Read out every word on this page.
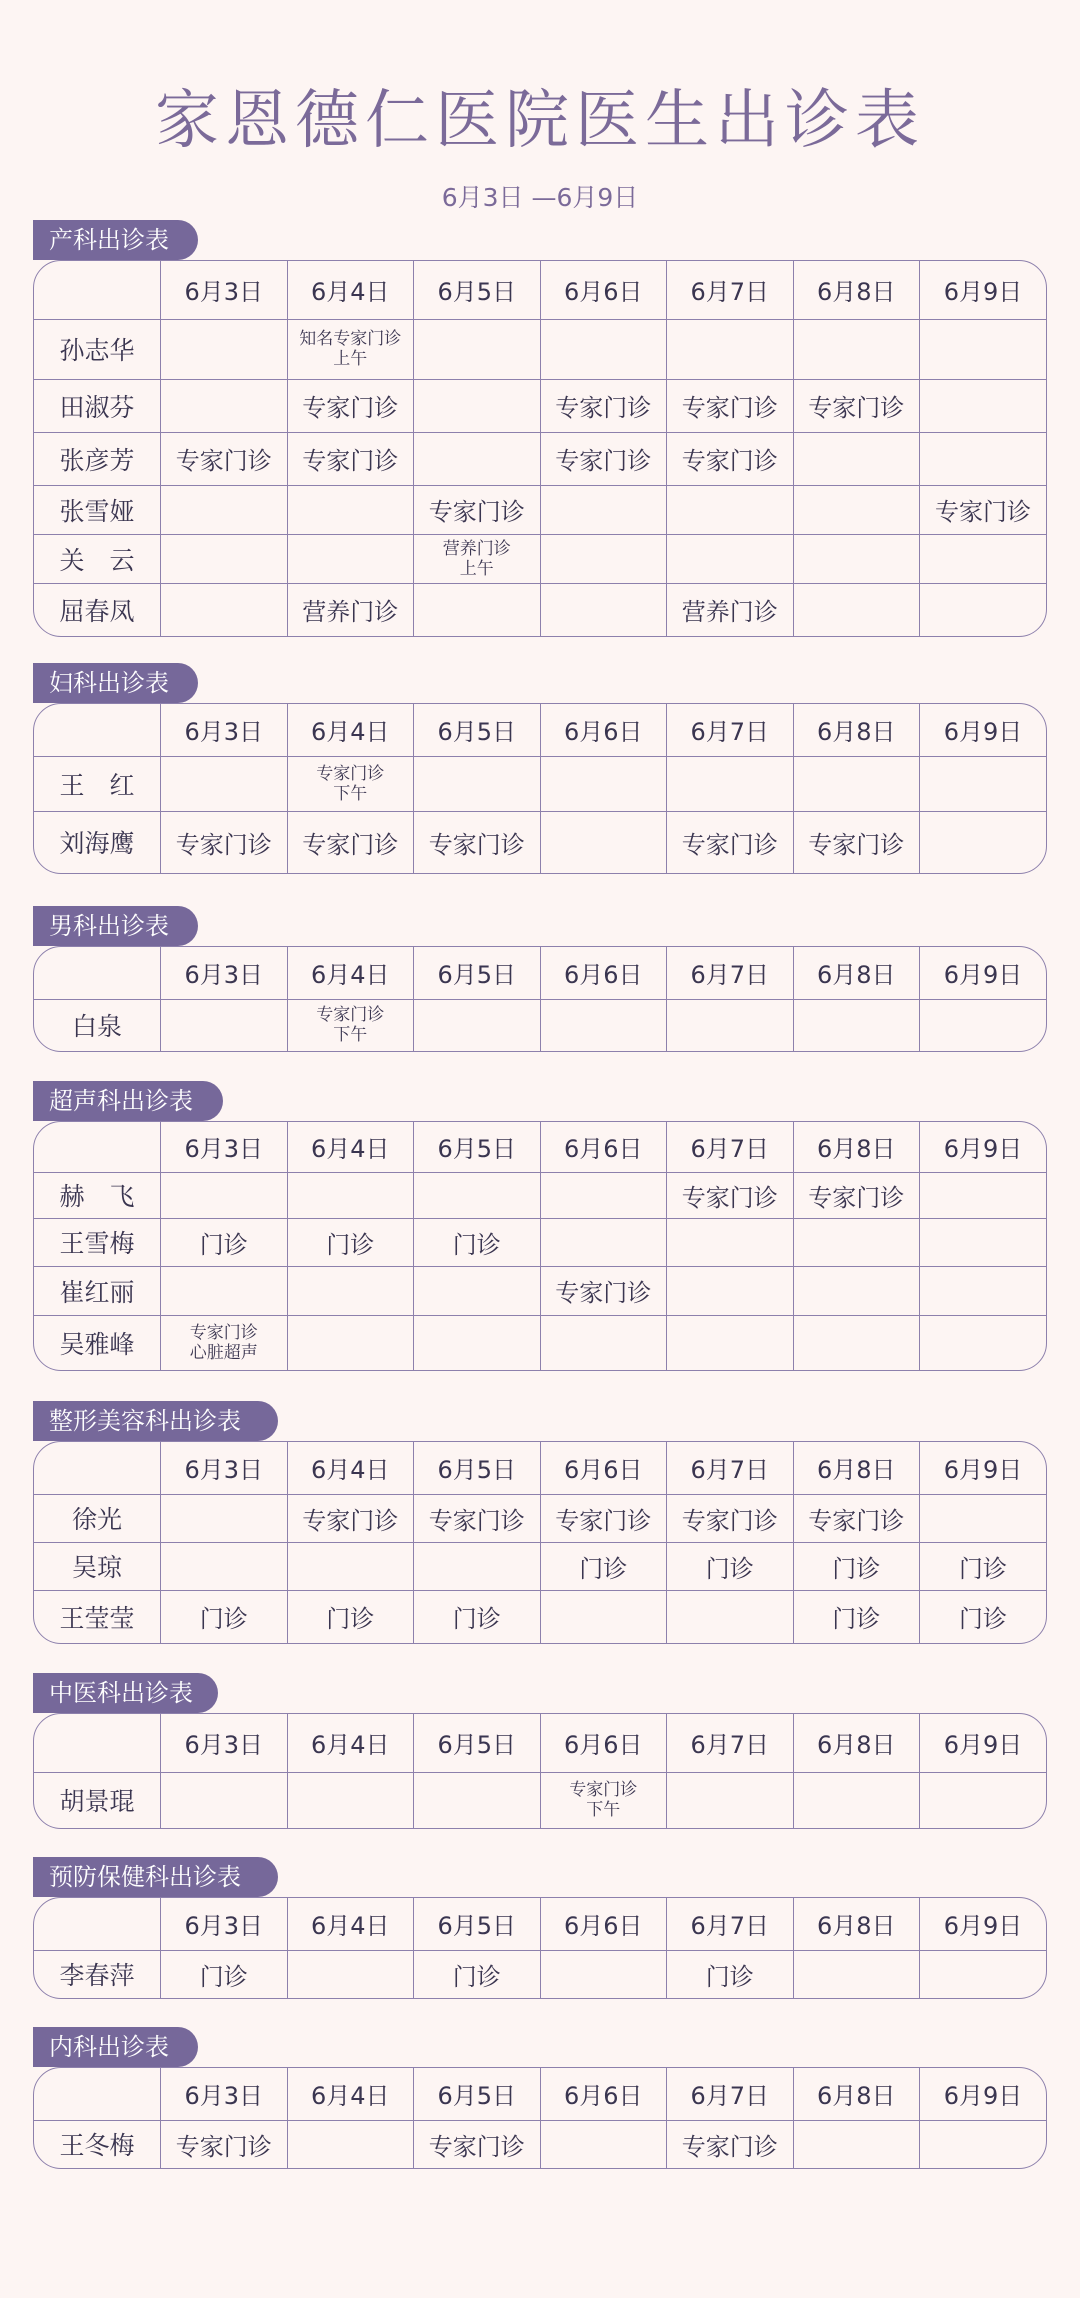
家恩德仁医院医生出诊表
6月3日 —6月9日
产科出诊表
	6月3日	6月4日	6月5日	6月6日	6月7日	6月8日	6月9日
孙志华		知名专家门诊
上午					

田淑芬		专家门诊		专家门诊	专家门诊	专家门诊	
张彦芳	专家门诊	专家门诊		专家门诊	专家门诊		
张雪娅			专家门诊				专家门诊
关　云			营养门诊
上午				

屈春凤		营养门诊			营养门诊		
妇科出诊表
	6月3日	6月4日	6月5日	6月6日	6月7日	6月8日	6月9日
王　红		专家门诊
下午					

刘海鹰	专家门诊	专家门诊	专家门诊		专家门诊	专家门诊	
男科出诊表
	6月3日	6月4日	6月5日	6月6日	6月7日	6月8日	6月9日
白泉		专家门诊
下午					

超声科出诊表
	6月3日	6月4日	6月5日	6月6日	6月7日	6月8日	6月9日
赫　飞					专家门诊	专家门诊	
王雪梅	门诊	门诊	门诊				
崔红丽				专家门诊			
吴雅峰	专家门诊
心脏超声						

整形美容科出诊表
	6月3日	6月4日	6月5日	6月6日	6月7日	6月8日	6月9日
徐光		专家门诊	专家门诊	专家门诊	专家门诊	专家门诊	
吴琼				门诊	门诊	门诊	门诊
王莹莹	门诊	门诊	门诊			门诊	门诊
中医科出诊表
	6月3日	6月4日	6月5日	6月6日	6月7日	6月8日	6月9日
胡景琨				专家门诊
下午			

预防保健科出诊表
	6月3日	6月4日	6月5日	6月6日	6月7日	6月8日	6月9日
李春萍	门诊		门诊		门诊		
内科出诊表
	6月3日	6月4日	6月5日	6月6日	6月7日	6月8日	6月9日
王冬梅	专家门诊		专家门诊		专家门诊		
